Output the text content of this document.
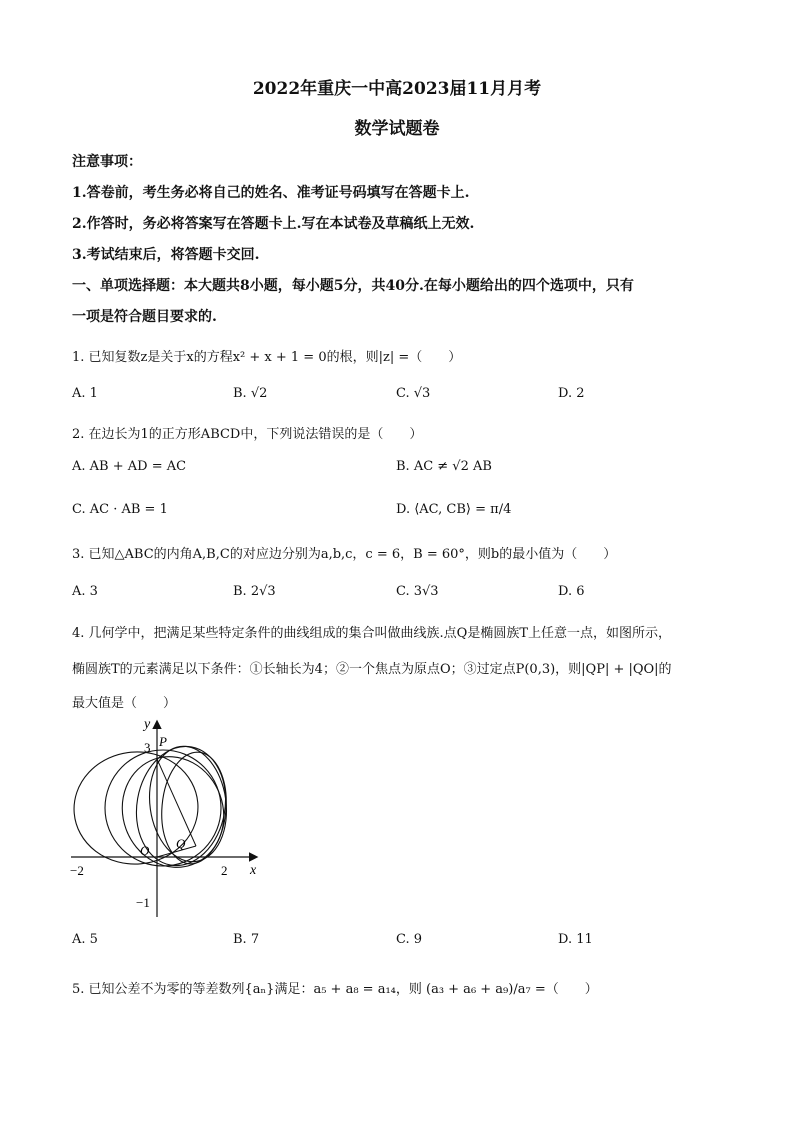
2022年重庆一中高2023届11月月考
数学试题卷
注意事项：
1.答卷前，考生务必将自己的姓名、准考证号码填写在答题卡上.
2.作答时，务必将答案写在答题卡上.写在本试卷及草稿纸上无效.
3.考试结束后，将答题卡交回.
一、单项选择题：本大题共8小题，每小题5分，共40分.在每小题给出的四个选项中，只有
一项是符合题目要求的.
1. 已知复数z是关于x的方程x² + x + 1 = 0的根，则|z| =（　　）
A. 1	B. √2	C. √3	D. 2
2. 在边长为1的正方形ABCD中，下列说法错误的是（　　）
A. AB + AD = AC	B. AC ≠ √2 AB
C. AC · AB = 1	D. ⟨AC, CB⟩ = π/4
3. 已知△ABC的内角A,B,C的对应边分别为a,b,c，c = 6，B = 60°，则b的最小值为（　　）
A. 3	B. 2√3	C. 3√3	D. 6
4. 几何学中，把满足某些特定条件的曲线组成的集合叫做曲线族.点Q是椭圆族T上任意一点，如图所示，
椭圆族T的元素满足以下条件：①长轴长为4；②一个焦点为原点O；③过定点P(0,3)，则|QP| + |QO|的
最大值是（　　）
y
x
P
Q
O
3
−2	2
−1
A. 5	B. 7	C. 9	D. 11
5. 已知公差不为零的等差数列{aₙ}满足：a₅ + a₈ = a₁₄，则 (a₃ + a₆ + a₉)/a₇ =（　　）
